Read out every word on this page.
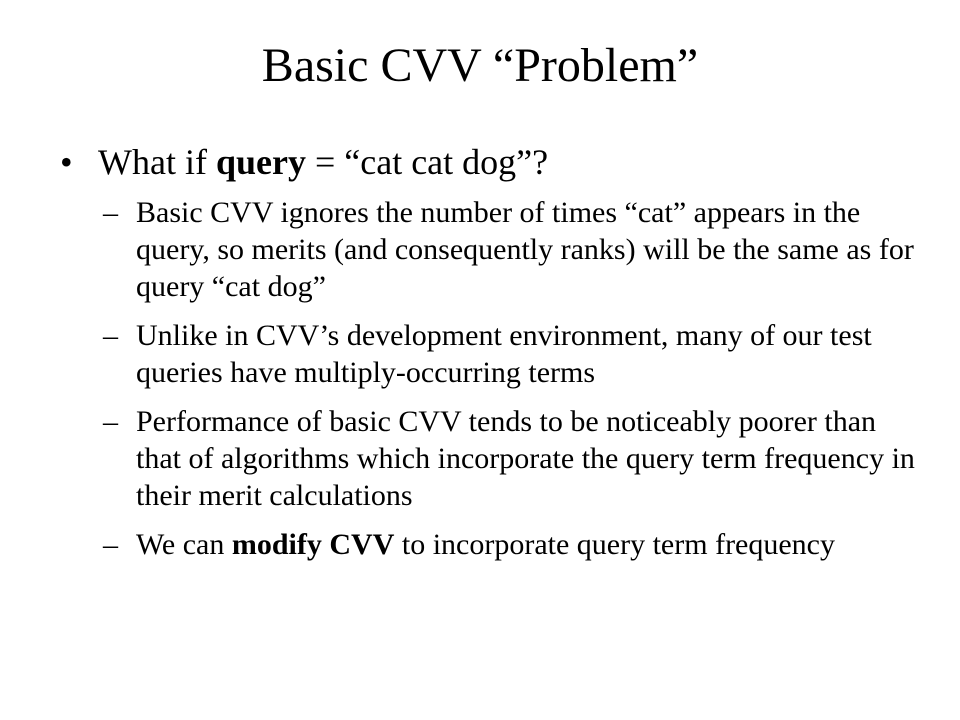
Basic CVV “Problem”
• What if query = “cat cat dog”?
– Basic CVV ignores the number of times “cat” appears in the query, so merits (and consequently ranks) will be the same as for query “cat dog”
– Unlike in CVV’s development environment, many of our test queries have multiply-occurring terms
– Performance of basic CVV tends to be noticeably poorer than that of algorithms which incorporate the query term frequency in their merit calculations
– We can modify CVV to incorporate query term frequency
